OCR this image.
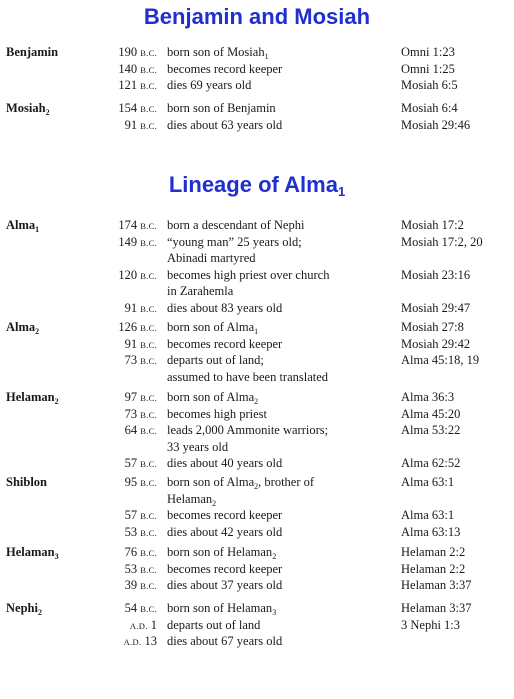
Benjamin and Mosiah
Lineage of Alma$_1$
Benjamin	190 B.C. born son of Mosiah$_1$	Omni 1:23
140 B.C. becomes record keeper	Omni 1:25
121 B.C. dies 69 years old	Mosiah 6:5
Mosiah$_2$	154 B.C. born son of Benjamin	Mosiah 6:4
91 B.C. dies about 63 years old	Mosiah 29:46
Alma$_1$	174 B.C. born a descendant of Nephi	Mosiah 17:2
149 B.C. “young man” 25 years old;	Mosiah 17:2, 20
Abinadi martyred
120 B.C. becomes high priest over church	Mosiah 23:16
in Zarahemla
91 B.C. dies about 83 years old	Mosiah 29:47
Alma$_2$	126 B.C. born son of Alma$_1$	Mosiah 27:8
91 B.C. becomes record keeper	Mosiah 29:42
73 B.C. departs out of land;	Alma 45:18, 19
assumed to have been translated
Helaman$_2$	97 B.C. born son of Alma$_2$	Alma 36:3
73 B.C. becomes high priest	Alma 45:20
64 B.C. leads 2,000 Ammonite warriors;	Alma 53:22
33 years old
57 B.C. dies about 40 years old	Alma 62:52
Shiblon	95 B.C. born son of Alma$_2$, brother of	Alma 63:1
Helaman$_2$
57 B.C. becomes record keeper	Alma 63:1
53 B.C. dies about 42 years old	Alma 63:13
Helaman$_3$	76 B.C. born son of Helaman$_2$	Helaman 2:2
53 B.C. becomes record keeper	Helaman 2:2
39 B.C. dies about 37 years old	Helaman 3:37
Nephi$_2$	54 B.C. born son of Helaman$_3$	Helaman 3:37
A.D. 1 departs out of land	3 Nephi 1:3
A.D. 13 dies about 67 years old
